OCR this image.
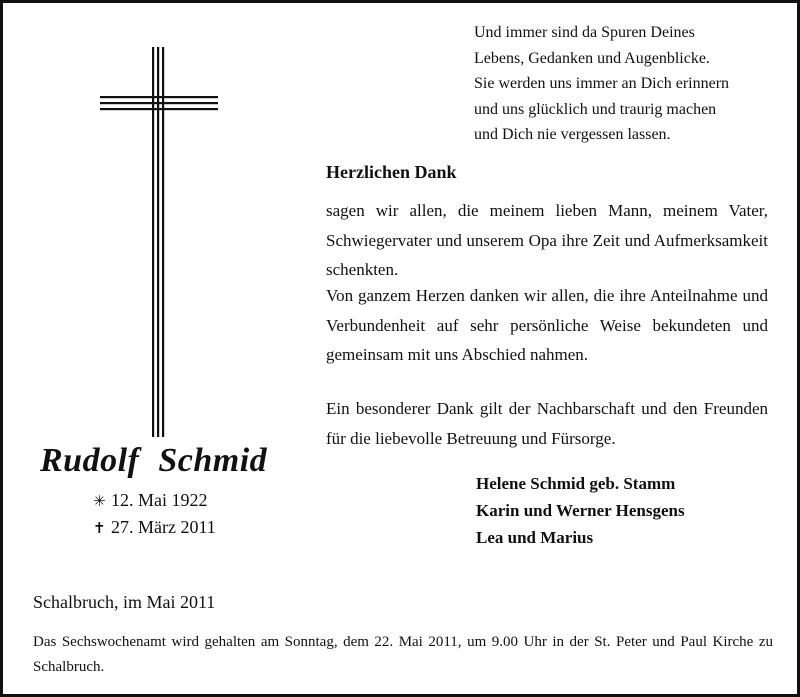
Und immer sind da Spuren Deines
Lebens, Gedanken und Augenblicke.
Sie werden uns immer an Dich erinnern
und uns glücklich und traurig machen
und Dich nie vergessen lassen.
Herzlichen Dank
sagen wir allen, die meinem lieben Mann, meinem Vater, Schwiegervater und unserem Opa ihre Zeit und Aufmerksamkeit schenkten.
Von ganzem Herzen danken wir allen, die ihre Anteilnahme und Verbundenheit auf sehr persönliche Weise bekundeten und gemeinsam mit uns Abschied nahmen.
Ein besonderer Dank gilt der Nachbarschaft und den Freunden für die liebevolle Betreuung und Fürsorge.
Rudolf Schmid
✳ 12. Mai 1922
✝ 27. März 2011
Helene Schmid geb. Stamm
Karin und Werner Hensgens
Lea und Marius
Schalbruch, im Mai 2011
Das Sechswochenamt wird gehalten am Sonntag, dem 22. Mai 2011, um 9.00 Uhr in der St. Peter und Paul Kirche zu Schalbruch.
